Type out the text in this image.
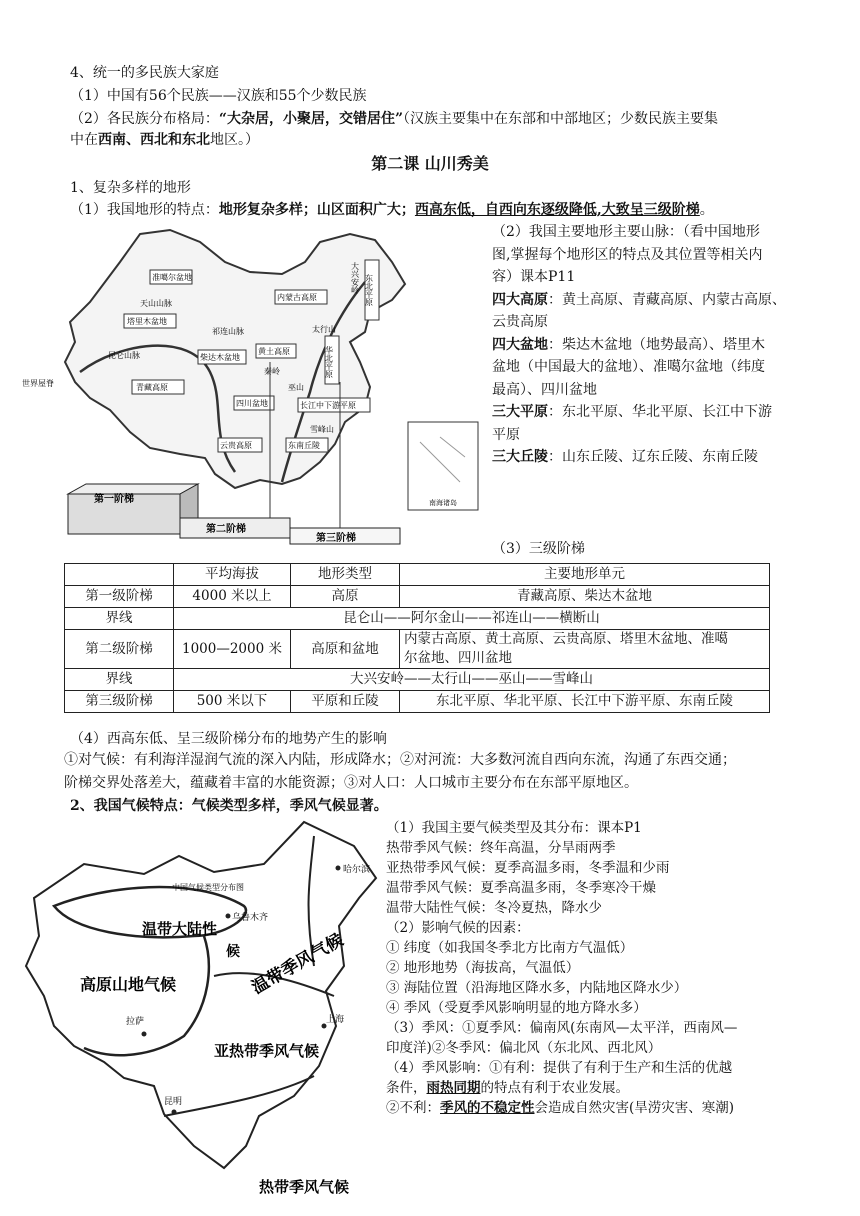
4、统一的多民族大家庭
（1）中国有56个民族——汉族和55个少数民族
（2）各民族分布格局：“大杂居，小聚居，交错居住”（汉族主要集中在东部和中部地区；少数民族主要集
中在西南、西北和东北地区。）
第二课 山川秀美
1、复杂多样的地形
（1）我国地形的特点：地形复杂多样；山区面积广大；西高东低，自西向东逐级降低,大致呈三级阶梯。
南海诸岛
准噶尔盆地
天山山脉
塔里木盆地
昆仑山脉
青藏高原
世界屋脊
柴达木盆地
祁连山脉
黄土高原
内蒙古高原
太行山
东北平原
华北平原
大兴安岭
四川盆地	长江中下游平原
云贵高原	东南丘陵
秦岭
巫山
雪峰山
第一阶梯
第二阶梯
第三阶梯
（2）我国主要地形主要山脉：（看中国地形
图,掌握每个地形区的特点及其位置等相关内
容）课本P11
四大高原：黄土高原、青藏高原、内蒙古高原、
云贵高原
四大盆地：柴达木盆地（地势最高）、塔里木
盆地（中国最大的盆地）、准噶尔盆地（纬度
最高）、四川盆地
三大平原：东北平原、华北平原、长江中下游
平原
三大丘陵：山东丘陵、辽东丘陵、东南丘陵
（3）三级阶梯
	平均海拔	地形类型	主要地形单元
第一级阶梯	4000 米以上	高原	青藏高原、柴达木盆地
界线	昆仑山——阿尔金山——祁连山——横断山		
第二级阶梯	1000—2000 米	高原和盆地	内蒙古高原、黄土高原、云贵高原、塔里木盆地、准噶
尔盆地、四川盆地

界线	大兴安岭——太行山——巫山——雪峰山		
第三级阶梯	500 米以下	平原和丘陵	东北平原、华北平原、长江中下游平原、东南丘陵
（4）西高东低、呈三级阶梯分布的地势产生的影响
①对气候：有利海洋湿润气流的深入内陆，形成降水；②对河流：大多数河流自西向东流，沟通了东西交通；
阶梯交界处落差大，蕴藏着丰富的水能资源；③对人口：人口城市主要分布在东部平原地区。
2、我国气候特点：气候类型多样，季风气候显著。
中国气候类型分布图
温带大陆性
候 温带季风气候
高原山地气候
亚热带季风气候
热带季风气候
哈尔滨
乌鲁木齐
拉萨	上海
昆明
（1）我国主要气候类型及其分布：课本P1
热带季风气候：终年高温，分旱雨两季
亚热带季风气候：夏季高温多雨，冬季温和少雨
温带季风气候：夏季高温多雨，冬季寒冷干燥
温带大陆性气候：冬冷夏热，降水少
（2）影响气候的因素：
① 纬度（如我国冬季北方比南方气温低）
② 地形地势（海拔高，气温低）
③ 海陆位置（沿海地区降水多，内陆地区降水少）
④ 季风（受夏季风影响明显的地方降水多）
（3）季风：①夏季风：偏南风(东南风—太平洋，西南风—
印度洋)②冬季风：偏北风（东北风、西北风）
（4）季风影响：①有利：提供了有利于生产和生活的优越
条件，雨热同期的特点有利于农业发展。
②不利：季风的不稳定性会造成自然灾害(旱涝灾害、寒潮)
